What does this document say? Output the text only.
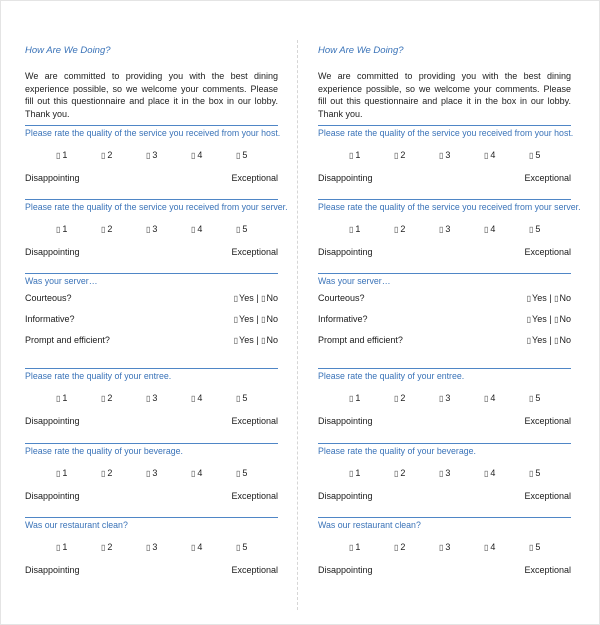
How Are We Doing?
We are committed to providing you with the best dining experience possible, so we welcome your comments. Please fill out this questionnaire and place it in the box in our lobby. Thank you.
Please rate the quality of the service you received from your host.
▯ 1	▯ 2	▯ 3	▯ 4	▯ 5
Disappointing	Exceptional
Please rate the quality of the service you received from your server.
▯ 1	▯ 2	▯ 3	▯ 4	▯ 5
Disappointing	Exceptional
Was your server…
Courteous?	▯Yes | ▯No
Informative?	▯Yes | ▯No
Prompt and efficient?	▯Yes | ▯No
Please rate the quality of your entree.
▯ 1	▯ 2	▯ 3	▯ 4	▯ 5
Disappointing	Exceptional
Please rate the quality of your beverage.
▯ 1	▯ 2	▯ 3	▯ 4	▯ 5
Disappointing	Exceptional
Was our restaurant clean?
▯ 1	▯ 2	▯ 3	▯ 4	▯ 5
Disappointing	Exceptional
How Are We Doing?
We are committed to providing you with the best dining experience possible, so we welcome your comments. Please fill out this questionnaire and place it in the box in our lobby. Thank you.
Please rate the quality of the service you received from your host.
▯ 1	▯ 2	▯ 3	▯ 4	▯ 5
Disappointing	Exceptional
Please rate the quality of the service you received from your server.
▯ 1	▯ 2	▯ 3	▯ 4	▯ 5
Disappointing	Exceptional
Was your server…
Courteous?	▯Yes | ▯No
Informative?	▯Yes | ▯No
Prompt and efficient?	▯Yes | ▯No
Please rate the quality of your entree.
▯ 1	▯ 2	▯ 3	▯ 4	▯ 5
Disappointing	Exceptional
Please rate the quality of your beverage.
▯ 1	▯ 2	▯ 3	▯ 4	▯ 5
Disappointing	Exceptional
Was our restaurant clean?
▯ 1	▯ 2	▯ 3	▯ 4	▯ 5
Disappointing	Exceptional
